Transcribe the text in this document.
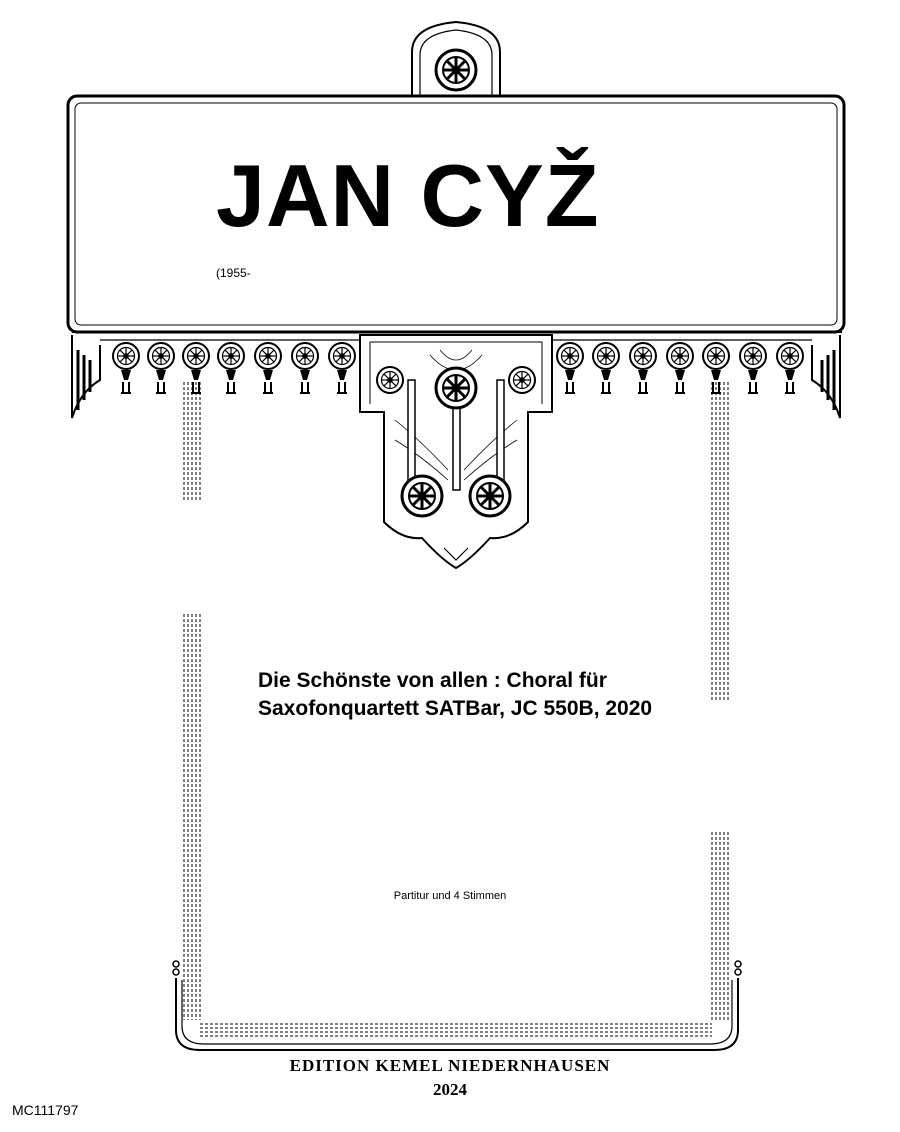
JAN CYŽ
(1955-
Die Schönste von allen : Choral für Saxofonquartett SATBar, JC 550B, 2020
Partitur und 4 Stimmen
EDITION KEMEL NIEDERNHAUSEN
2024
MC111797
